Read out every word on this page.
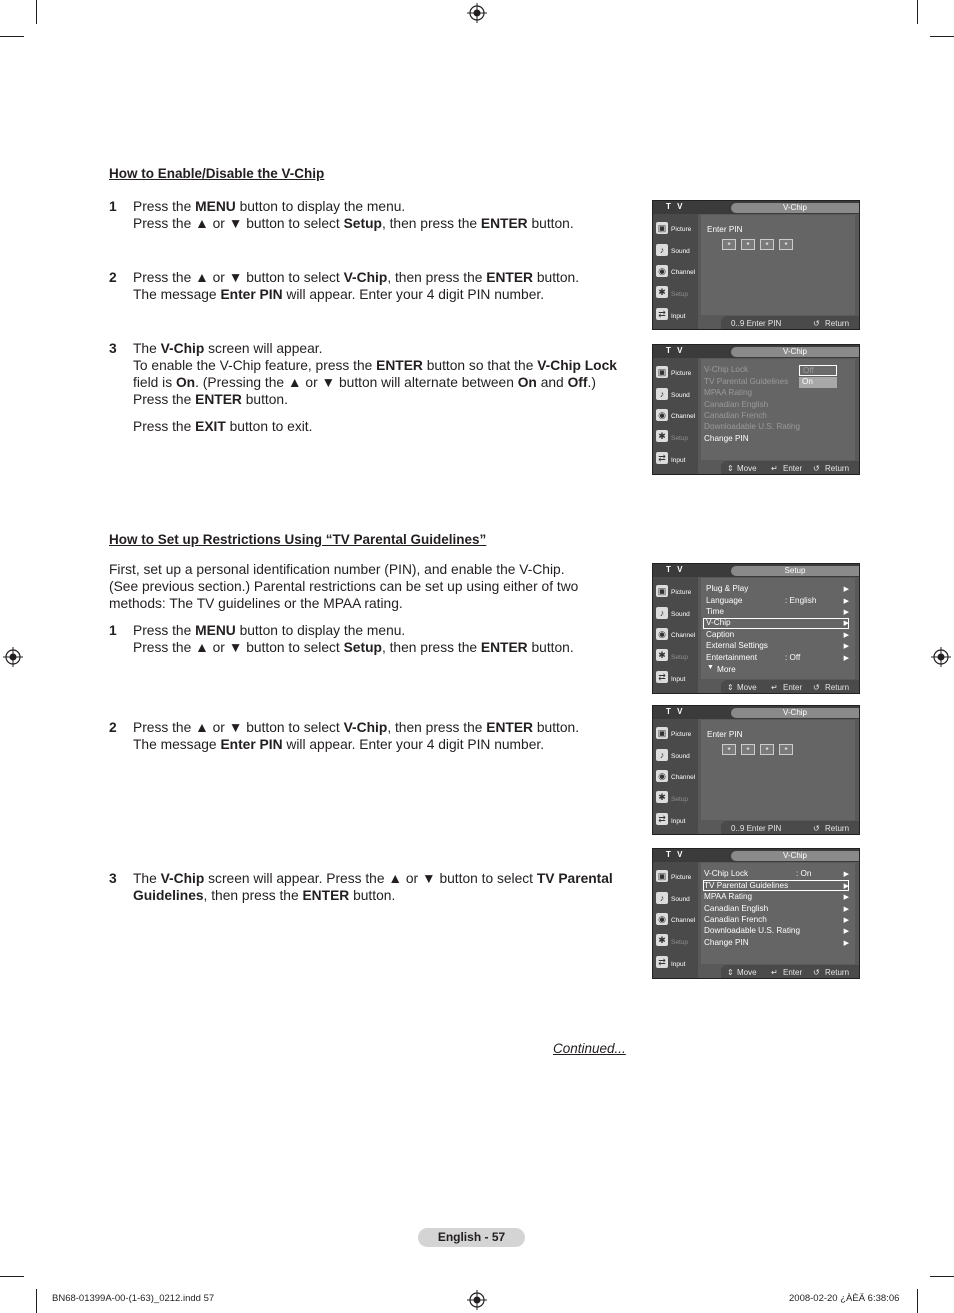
How to Enable/Disable the V-Chip
1 Press the MENU button to display the menu.
Press the ▲ or ▼ button to select Setup, then press the ENTER button.
2 Press the ▲ or ▼ button to select V-Chip, then press the ENTER button.
The message Enter PIN will appear. Enter your 4 digit PIN number.
3 The V-Chip screen will appear.
To enable the V-Chip feature, press the ENTER button so that the V-Chip Lock
field is On. (Pressing the ▲ or ▼ button will alternate between On and Off.)
Press the ENTER button.
Press the EXIT button to exit.
How to Set up Restrictions Using “TV Parental Guidelines”
First, set up a personal identification number (PIN), and enable the V-Chip.
(See previous section.) Parental restrictions can be set up using either of two
methods: The TV guidelines or the MPAA rating.
1 Press the MENU button to display the menu.
Press the ▲ or ▼ button to select Setup, then press the ENTER button.
2 Press the ▲ or ▼ button to select V-Chip, then press the ENTER button.
The message Enter PIN will appear. Enter your 4 digit PIN number.
3 The V-Chip screen will appear. Press the ▲ or ▼ button to select TV Parental
Guidelines, then press the ENTER button.
T V	V-Chip
▣ Picture
♪	Sound
◉ Channel
✱ Setup
⇄ Input
Enter PIN
*	*	*	*
0..9 Enter PIN	↺ Return
T V	V-Chip
▣ Picture
♪	Sound
◉ Channel
✱ Setup
⇄ Input
V-Chip Lock
TV Parental Guidelines
MPAA Rating
Canadian English
Canadian French
Downloadable U.S. Rating
Change PIN
Off
On
⇕ Move ↵ Enter ↺ Return
T V	Setup
▣ Picture
♪	Sound
◉ Channel
✱ Setup
⇄ Input
Plug & Play	▶
Language	: English	▶
Time	▶
V-Chip	▶
Caption	▶
External Settings	▶
Entertainment	: Off	▶
▼ More
⇕ Move ↵ Enter ↺ Return
T V	V-Chip
▣ Picture
♪	Sound
◉ Channel
✱ Setup
⇄ Input
Enter PIN
*	*	*	*
0..9 Enter PIN	↺ Return
T V	V-Chip
▣ Picture
♪	Sound
◉ Channel
✱ Setup
⇄ Input
V-Chip Lock	: On	▶
TV Parental Guidelines	▶
MPAA Rating	▶
Canadian English	▶
Canadian French	▶
Downloadable U.S. Rating	▶
Change PIN	▶
⇕ Move ↵ Enter ↺ Return
Continued...
English - 57
BN68-01399A-00-(1-63)_0212.indd 57	2008-02-20 ¿ÀÈÄ 6:38:06
